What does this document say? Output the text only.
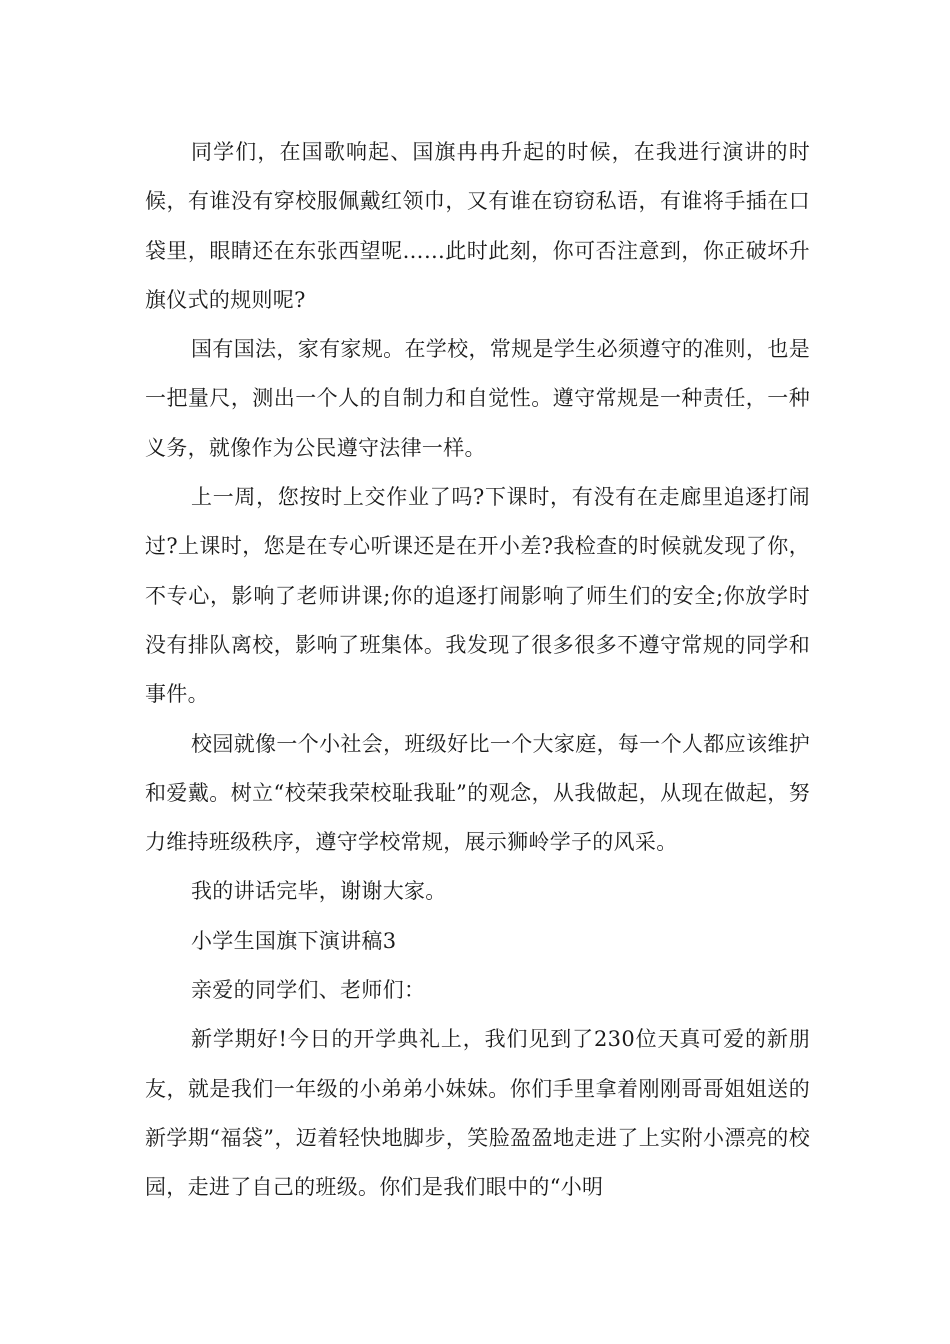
同学们，在国歌响起、国旗冉冉升起的时候，在我进行演讲的时候，有谁没有穿校服佩戴红领巾，又有谁在窃窃私语，有谁将手插在口袋里，眼睛还在东张西望呢……此时此刻，你可否注意到，你正破坏升旗仪式的规则呢?

国有国法，家有家规。在学校，常规是学生必须遵守的准则，也是一把量尺，测出一个人的自制力和自觉性。遵守常规是一种责任，一种义务，就像作为公民遵守法律一样。

上一周，您按时上交作业了吗?下课时，有没有在走廊里追逐打闹过?上课时，您是在专心听课还是在开小差?我检查的时候就发现了你，不专心，影响了老师讲课;你的追逐打闹影响了师生们的安全;你放学时没有排队离校，影响了班集体。我发现了很多很多不遵守常规的同学和事件。

校园就像一个小社会，班级好比一个大家庭，每一个人都应该维护和爱戴。树立“校荣我荣校耻我耻”的观念，从我做起，从现在做起，努力维持班级秩序，遵守学校常规，展示狮岭学子的风采。

我的讲话完毕，谢谢大家。

小学生国旗下演讲稿3

亲爱的同学们、老师们：

新学期好!今日的开学典礼上，我们见到了230位天真可爱的新朋友，就是我们一年级的小弟弟小妹妹。你们手里拿着刚刚哥哥姐姐送的新学期“福袋”，迈着轻快地脚步，笑脸盈盈地走进了上实附小漂亮的校园，走进了自己的班级。你们是我们眼中的“小明
